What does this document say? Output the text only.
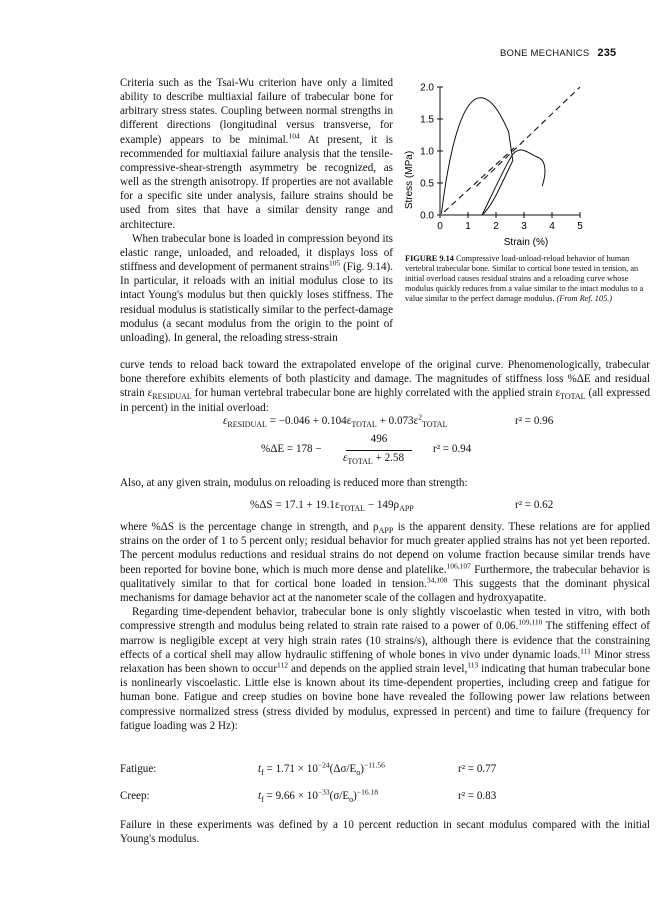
BONE MECHANICS 235

Criteria such as the Tsai-Wu criterion have only a limited ability to describe multiaxial failure of trabecular bone for arbitrary stress states. Coupling between normal strengths in different directions (longitudinal versus transverse, for example) appears to be minimal.$^{104}$ At present, it is recommended for multiaxial failure analysis that the tensile-compressive-shear-strength asymmetry be recognized, as well as the strength anisotropy. If properties are not available for a specific site under analysis, failure strains should be used from sites that have a similar density range and architecture.

When trabecular bone is loaded in compression beyond its elastic range, unloaded, and reloaded, it displays loss of stiffness and development of permanent strains$^{105}$ (Fig. 9.14). In particular, it reloads with an initial modulus close to its intact Young's modulus but then quickly loses stiffness. The residual modulus is statistically similar to the perfect-damage modulus (a secant modulus from the origin to the point of unloading). In general, the reloading stress-strain

0.0
0.5
1.0
1.5
2.0
0 1 2 3 4 5
Stress (MPa)
Strain (%)
FIGURE 9.14 Compressive load-unload-reload behavior of human vertebral trabecular bone. Similar to cortical bone tested in tension, an initial overload causes residual strains and a reloading curve whose modulus quickly reduces from a value similar to the intact modulus to a value similar to the perfect damage modulus. (From Ref. 105.)

curve tends to reload back toward the extrapolated envelope of the original curve. Phenomenologically, trabecular bone therefore exhibits elements of both plasticity and damage. The magnitudes of stiffness loss %ΔE and residual strain $\varepsilon_{RESIDUAL}$ for human vertebral trabecular bone are highly correlated with the applied strain $\varepsilon_{TOTAL}$ (all expressed in percent) in the initial overload:

$\varepsilon_{RESIDUAL} = -0.046 + 0.104\varepsilon_{TOTAL} + 0.073\varepsilon^2_{TOTAL}$	r² = 0.96
%ΔE = 178 −
496
$\varepsilon_{TOTAL} + 2.58$
r² = 0.94
Also, at any given strain, modulus on reloading is reduced more than strength:
$\%\Delta S = 17.1 + 19.1\varepsilon_{TOTAL} - 149\rho_{APP}$	r² = 0.62

where %ΔS is the percentage change in strength, and $\rho_{APP}$ is the apparent density. These relations are for applied strains on the order of 1 to 5 percent only; residual behavior for much greater applied strains has not yet been reported. The percent modulus reductions and residual strains do not depend on volume fraction because similar trends have been reported for bovine bone, which is much more dense and platelike.$^{106,107}$ Furthermore, the trabecular behavior is qualitatively similar to that for cortical bone loaded in tension.$^{34,108}$ This suggests that the dominant physical mechanisms for damage behavior act at the nanometer scale of the collagen and hydroxyapatite.

Regarding time-dependent behavior, trabecular bone is only slightly viscoelastic when tested in vitro, with both compressive strength and modulus being related to strain rate raised to a power of 0.06.$^{109,110}$ The stiffening effect of marrow is negligible except at very high strain rates (10 strains/s), although there is evidence that the constraining effects of a cortical shell may allow hydraulic stiffening of whole bones in vivo under dynamic loads.$^{111}$ Minor stress relaxation has been shown to occur$^{112}$ and depends on the applied strain level,$^{113}$ indicating that human trabecular bone is nonlinearly viscoelastic. Little else is known about its time-dependent properties, including creep and fatigue for human bone. Fatigue and creep studies on bovine bone have revealed the following power law relations between compressive normalized stress (stress divided by modulus, expressed in percent) and time to failure (frequency for fatigue loading was 2 Hz):

Fatigue:	$t_f = 1.71 \times 10^{-24}(\Delta\sigma/E_o)^{-11.56}$	r² = 0.77
Creep:	$t_f = 9.66 \times 10^{-33}(\sigma/E_o)^{-16.18}$	r² = 0.83
Failure in these experiments was defined by a 10 percent reduction in secant modulus compared with the initial Young's modulus.
